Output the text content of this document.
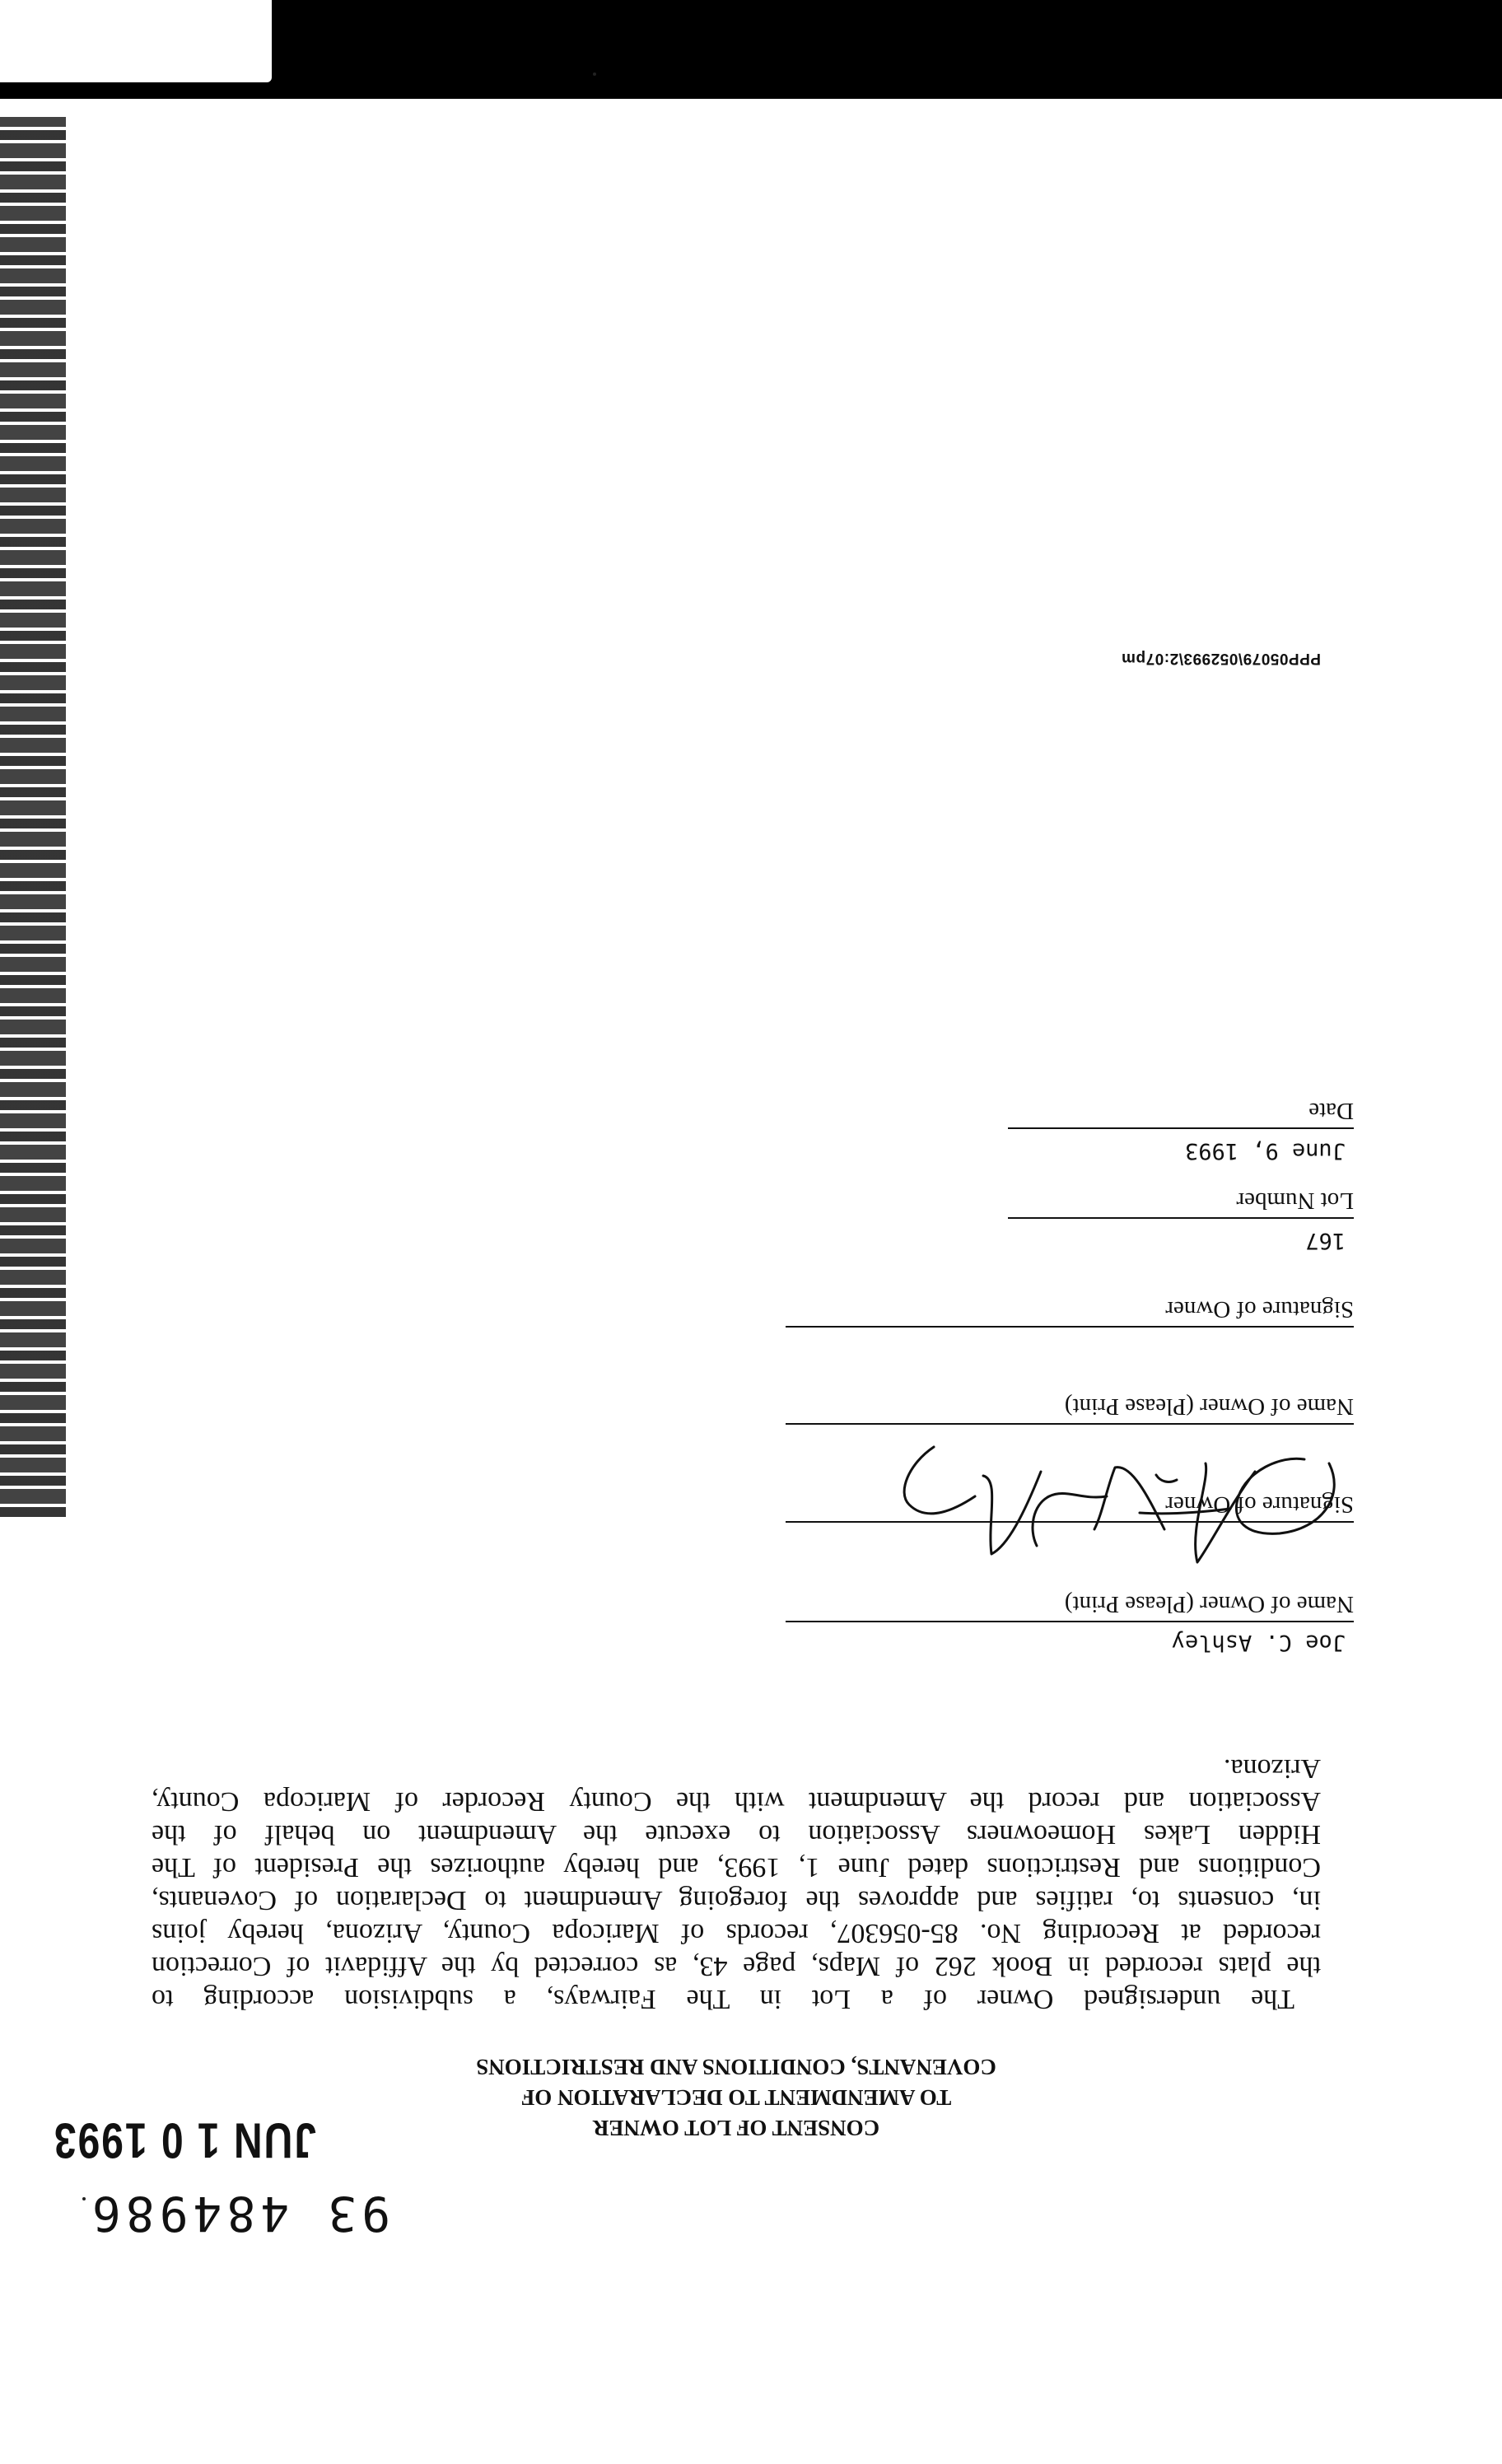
93 484986
JUN 1 0 1993	CONSENT OF LOT OWNER
TO AMENDMENT TO DECLARATION OF
COVENANTS, CONDITIONS AND RESTRICTIONS
The undersigned Owner of a Lot in The Fairways, a subdivision according to
the plats recorded in Book 262 of Maps, page 43, as corrected by the Affidavit of Correction
recorded at Recording No. 85-056307, records of Maricopa County, Arizona, hereby joins
in, consents to, ratifies and approves the foregoing Amendment to Declaration of Covenants,
Conditions and Restrictions dated June 1, 1993, and hereby authorizes the President of The
Hidden Lakes Homeowners Association to execute the Amendment on behalf of the
Association and record the Amendment with the County Recorder of Maricopa County,
Arizona.
Joe C. Ashley
Name of Owner (Please Print)
Signature of Owner
Name of Owner (Please Print)
Signature of Owner
167
Lot Number
June 9, 1993
Date
PPP05079\052993\2:07pm
